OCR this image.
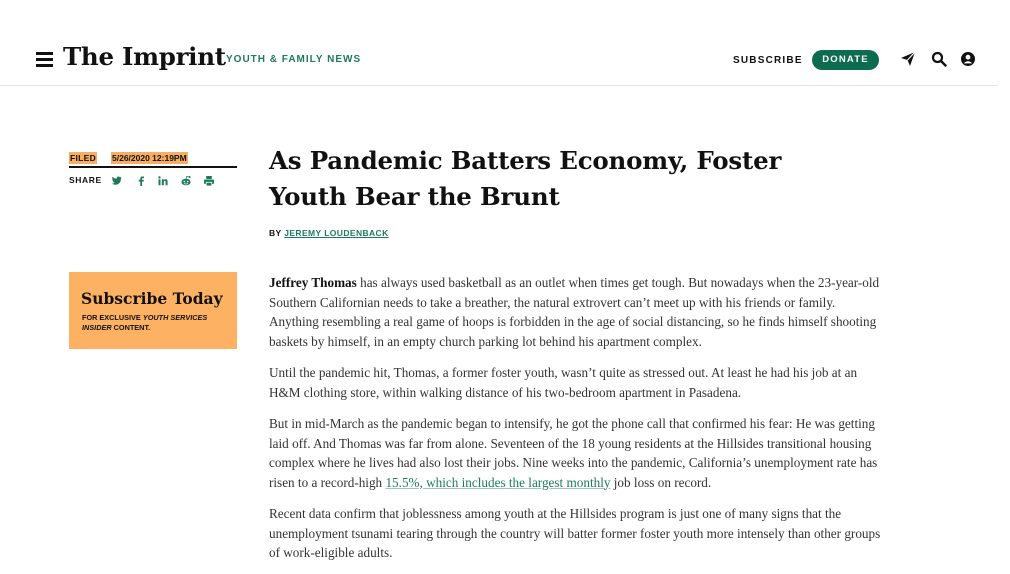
The Imprint YOUTH & FAMILY NEWS	SUBSCRIBE	DONATE
FILED 5/26/2020 12:19PM
SHARE
Subscribe Today
FOR EXCLUSIVE YOUTH SERVICES INSIDER CONTENT.
As Pandemic Batters Economy, Foster Youth Bear the Brunt
BY JEREMY LOUDENBACK

Jeffrey Thomas has always used basketball as an outlet when times get tough. But nowadays when the 23-year-old Southern Californian needs to take a breather, the natural extrovert can’t meet up with his friends or family. Anything resembling a real game of hoops is forbidden in the age of social distancing, so he finds himself shooting baskets by himself, in an empty church parking lot behind his apartment complex.

Until the pandemic hit, Thomas, a former foster youth, wasn’t quite as stressed out. At least he had his job at an H&M clothing store, within walking distance of his two-bedroom apartment in Pasadena.

But in mid-March as the pandemic began to intensify, he got the phone call that confirmed his fear: He was getting laid off. And Thomas was far from alone. Seventeen of the 18 young residents at the Hillsides transitional housing complex where he lives had also lost their jobs. Nine weeks into the pandemic, California’s unemployment rate has risen to a record-high 15.5%, which includes the largest monthly job loss on record.

Recent data confirm that joblessness among youth at the Hillsides program is just one of many signs that the unemployment tsunami tearing through the country will batter former foster youth more intensely than other groups of work-eligible adults.
